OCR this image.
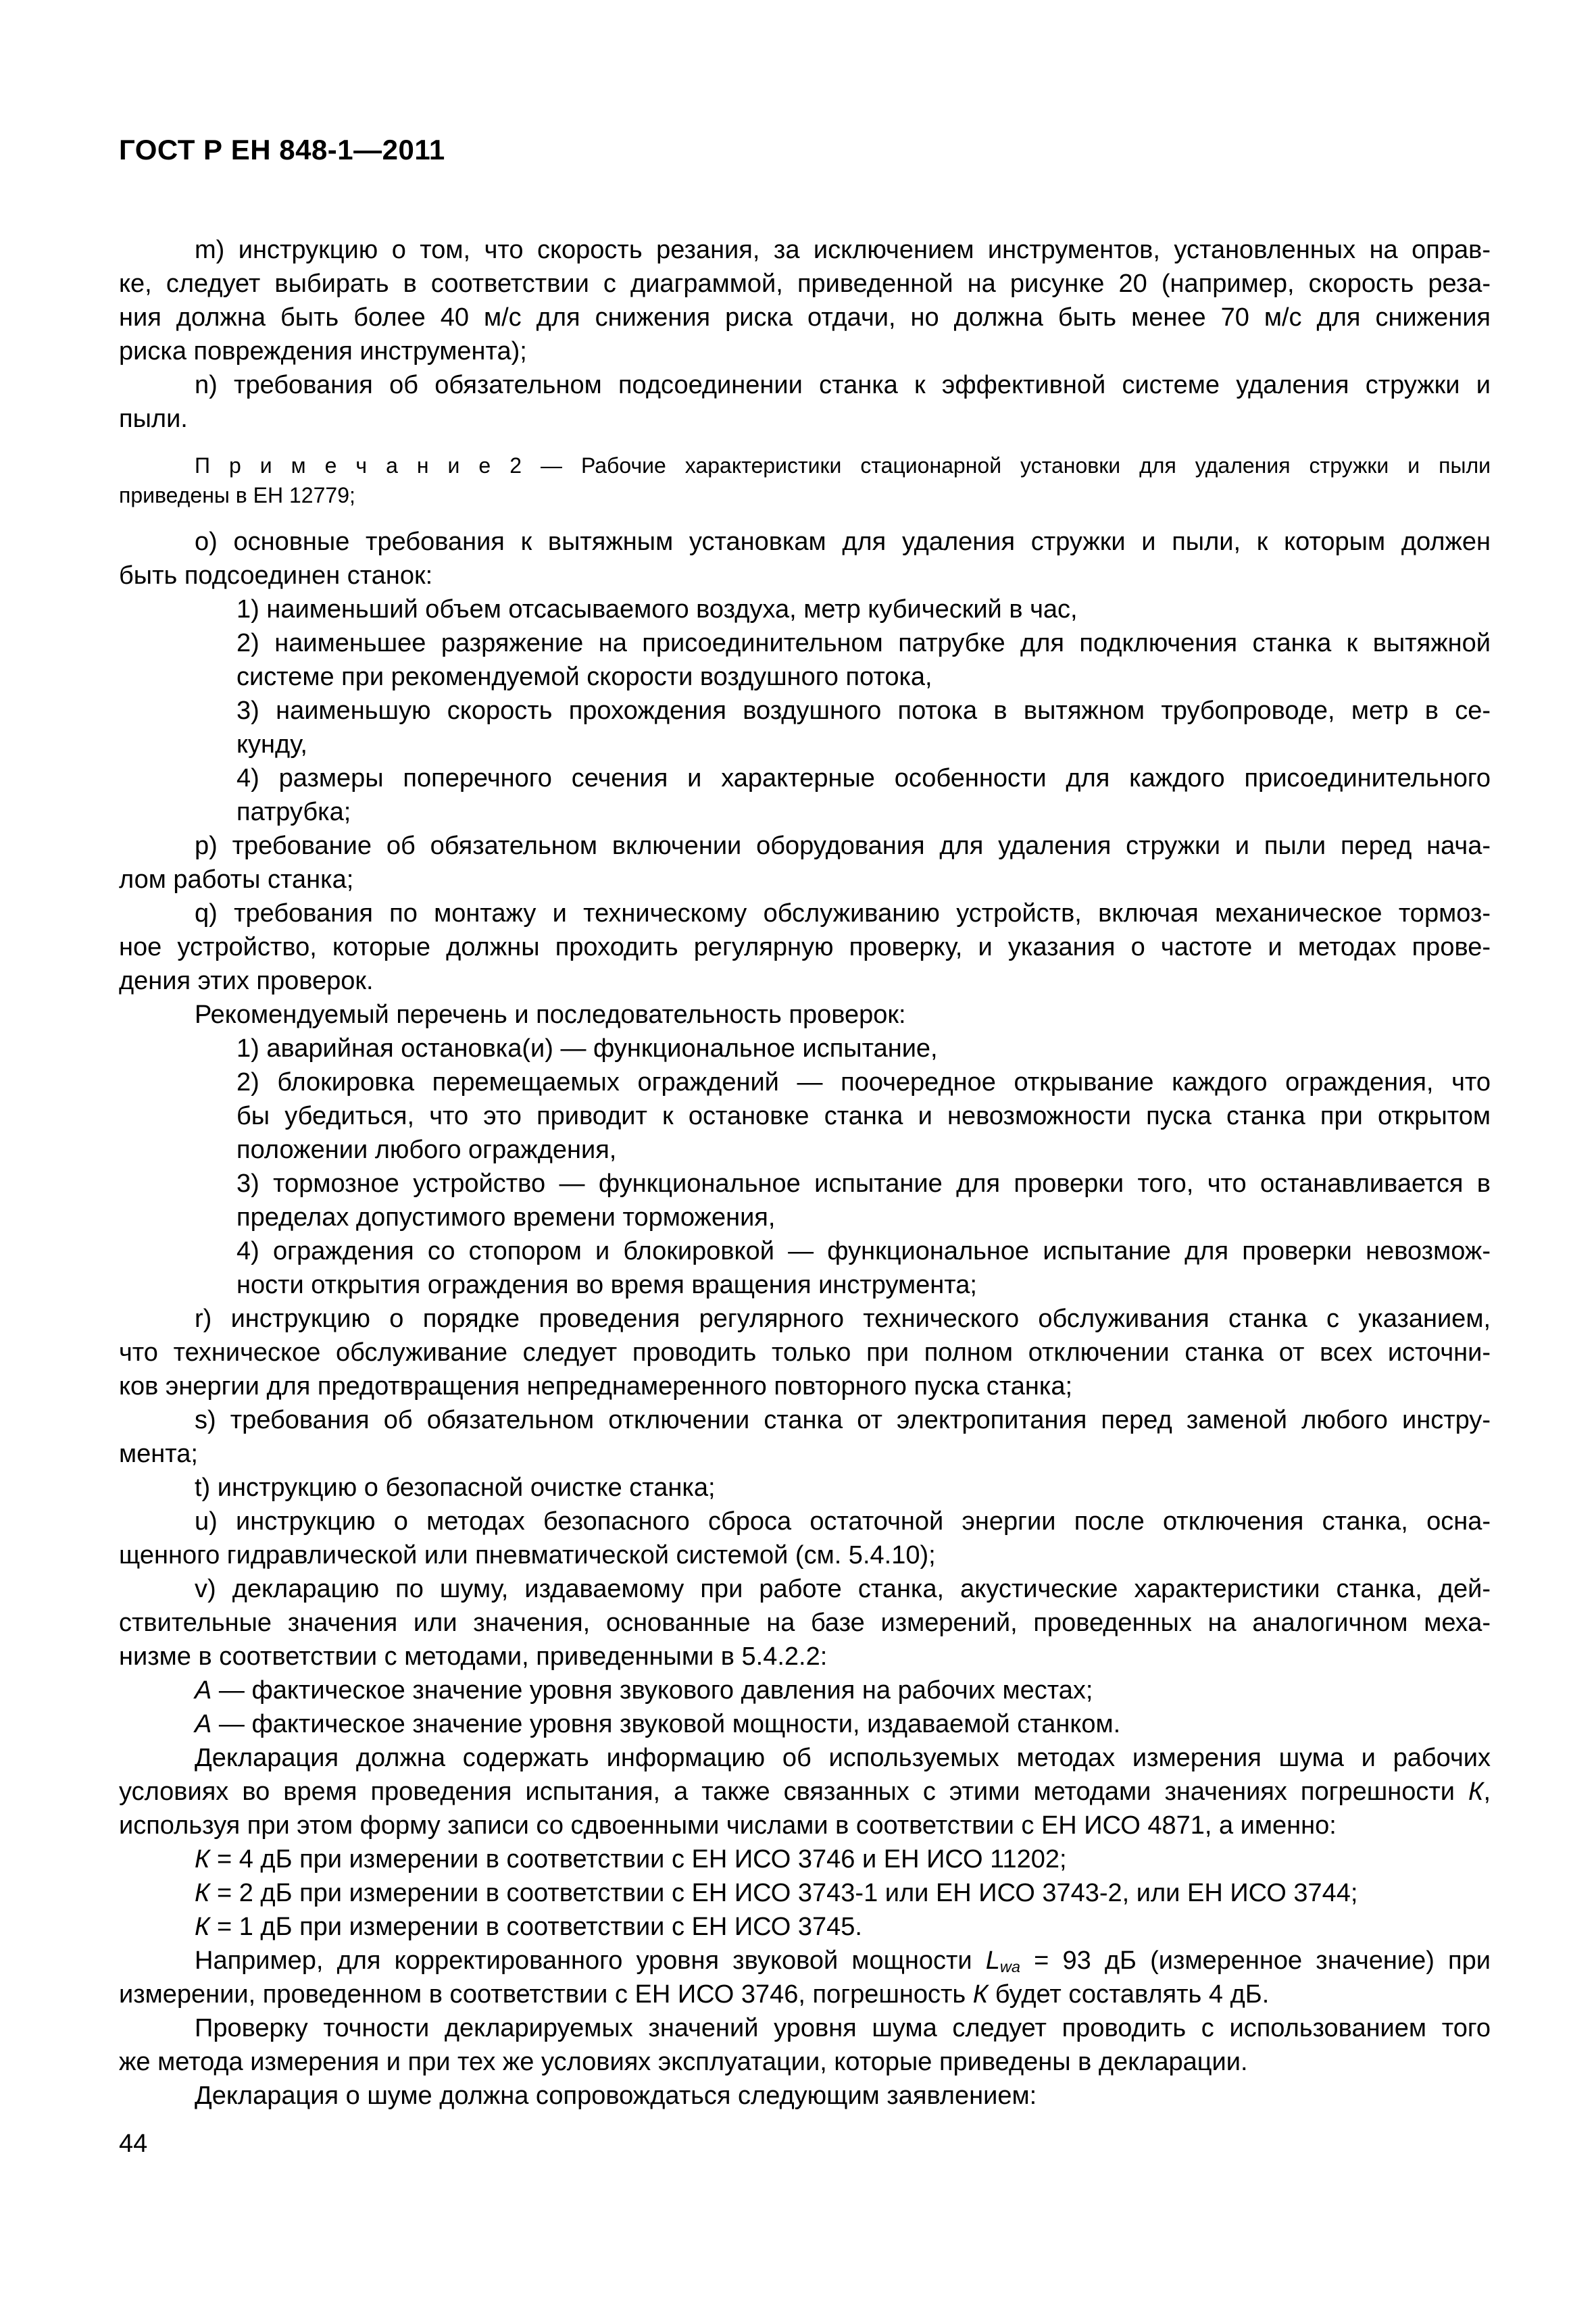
ГОСТ Р ЕН 848-1—2011
m) инструкцию о том, что скорость резания, за исключением инструментов, установленных на оправ-
ке, следует выбирать в соответствии с диаграммой, приведенной на рисунке 20 (например, скорость реза-
ния должна быть более 40 м/с для снижения риска отдачи, но должна быть менее 70 м/с для снижения
риска повреждения инструмента);
n) требования об обязательном подсоединении станка к эффективной системе удаления стружки и
пыли.
П р и м е ч а н и е 2 — Рабочие характеристики стационарной установки для удаления стружки и пыли
приведены в ЕН 12779;
o) основные требования к вытяжным установкам для удаления стружки и пыли, к которым должен
быть подсоединен станок:
1) наименьший объем отсасываемого воздуха, метр кубический в час,
2) наименьшее разряжение на присоединительном патрубке для подключения станка к вытяжной
системе при рекомендуемой скорости воздушного потока,
3) наименьшую скорость прохождения воздушного потока в вытяжном трубопроводе, метр в се-
кунду,
4) размеры поперечного сечения и характерные особенности для каждого присоединительного
патрубка;
p) требование об обязательном включении оборудования для удаления стружки и пыли перед нача-
лом работы станка;
q) требования по монтажу и техническому обслуживанию устройств, включая механическое тормоз-
ное устройство, которые должны проходить регулярную проверку, и указания о частоте и методах прове-
дения этих проверок.
Рекомендуемый перечень и последовательность проверок:
1) аварийная остановка(и) — функциональное испытание,
2) блокировка перемещаемых ограждений — поочередное открывание каждого ограждения, что
бы убедиться, что это приводит к остановке станка и невозможности пуска станка при открытом
положении любого ограждения,
3) тормозное устройство — функциональное испытание для проверки того, что останавливается в
пределах допустимого времени торможения,
4) ограждения со стопором и блокировкой — функциональное испытание для проверки невозмож-
ности открытия ограждения во время вращения инструмента;
r) инструкцию о порядке проведения регулярного технического обслуживания станка с указанием,
что техническое обслуживание следует проводить только при полном отключении станка от всех источни-
ков энергии для предотвращения непреднамеренного повторного пуска станка;
s) требования об обязательном отключении станка от электропитания перед заменой любого инстру-
мента;
t) инструкцию о безопасной очистке станка;
u) инструкцию о методах безопасного сброса остаточной энергии после отключения станка, осна-
щенного гидравлической или пневматической системой (см. 5.4.10);
v) декларацию по шуму, издаваемому при работе станка, акустические характеристики станка, дей-
ствительные значения или значения, основанные на базе измерений, проведенных на аналогичном меха-
низме в соответствии с методами, приведенными в 5.4.2.2:
А — фактическое значение уровня звукового давления на рабочих местах;
А — фактическое значение уровня звуковой мощности, издаваемой станком.
Декларация должна содержать информацию об используемых методах измерения шума и рабочих
условиях во время проведения испытания, а также связанных с этими методами значениях погрешности К,
используя при этом форму записи со сдвоенными числами в соответствии с ЕН ИСО 4871, а именно:
К = 4 дБ при измерении в соответствии с ЕН ИСО 3746 и ЕН ИСО 11202;
К = 2 дБ при измерении в соответствии с ЕН ИСО 3743-1 или ЕН ИСО 3743-2, или ЕН ИСО 3744;
К = 1 дБ при измерении в соответствии с ЕН ИСО 3745.
Например, для корректированного уровня звуковой мощности $L_{wa} = 93$ дБ (измеренное значение) при
измерении, проведенном в соответствии с ЕН ИСО 3746, погрешность К будет составлять 4 дБ.
Проверку точности декларируемых значений уровня шума следует проводить с использованием того
же метода измерения и при тех же условиях эксплуатации, которые приведены в декларации.
Декларация о шуме должна сопровождаться следующим заявлением:
44
